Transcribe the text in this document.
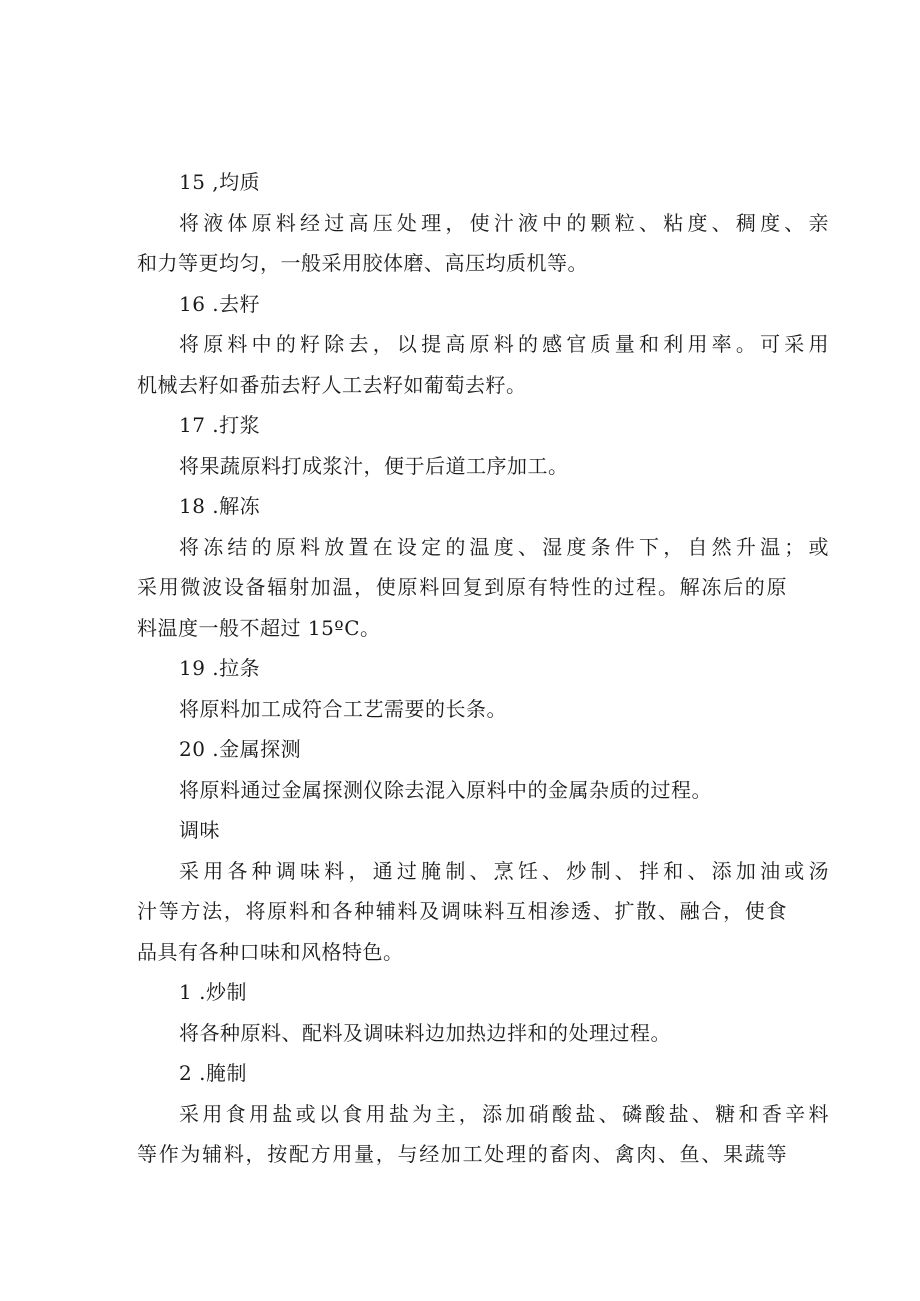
15 ,均质
将液体原料经过高压处理，使汁液中的颗粒、粘度、稠度、亲
和力等更均匀，一般采用胶体磨、高压均质机等。
16 .去籽
将原料中的籽除去，以提高原料的感官质量和利用率。可采用
机械去籽如番茄去籽人工去籽如葡萄去籽。
17 .打浆
将果蔬原料打成浆汁，便于后道工序加工。
18 .解冻
将冻结的原料放置在设定的温度、湿度条件下，自然升温；或
采用微波设备辐射加温，使原料回复到原有特性的过程。解冻后的原
料温度一般不超过 15ºC。
19 .拉条
将原料加工成符合工艺需要的长条。
20 .金属探测
将原料通过金属探测仪除去混入原料中的金属杂质的过程。
调味
采用各种调味料，通过腌制、烹饪、炒制、拌和、添加油或汤
汁等方法，将原料和各种辅料及调味料互相渗透、扩散、融合，使食
品具有各种口味和风格特色。
1 .炒制
将各种原料、配料及调味料边加热边拌和的处理过程。
2 .腌制
采用食用盐或以食用盐为主，添加硝酸盐、磷酸盐、糖和香辛料
等作为辅料，按配方用量，与经加工处理的畜肉、禽肉、鱼、果蔬等
